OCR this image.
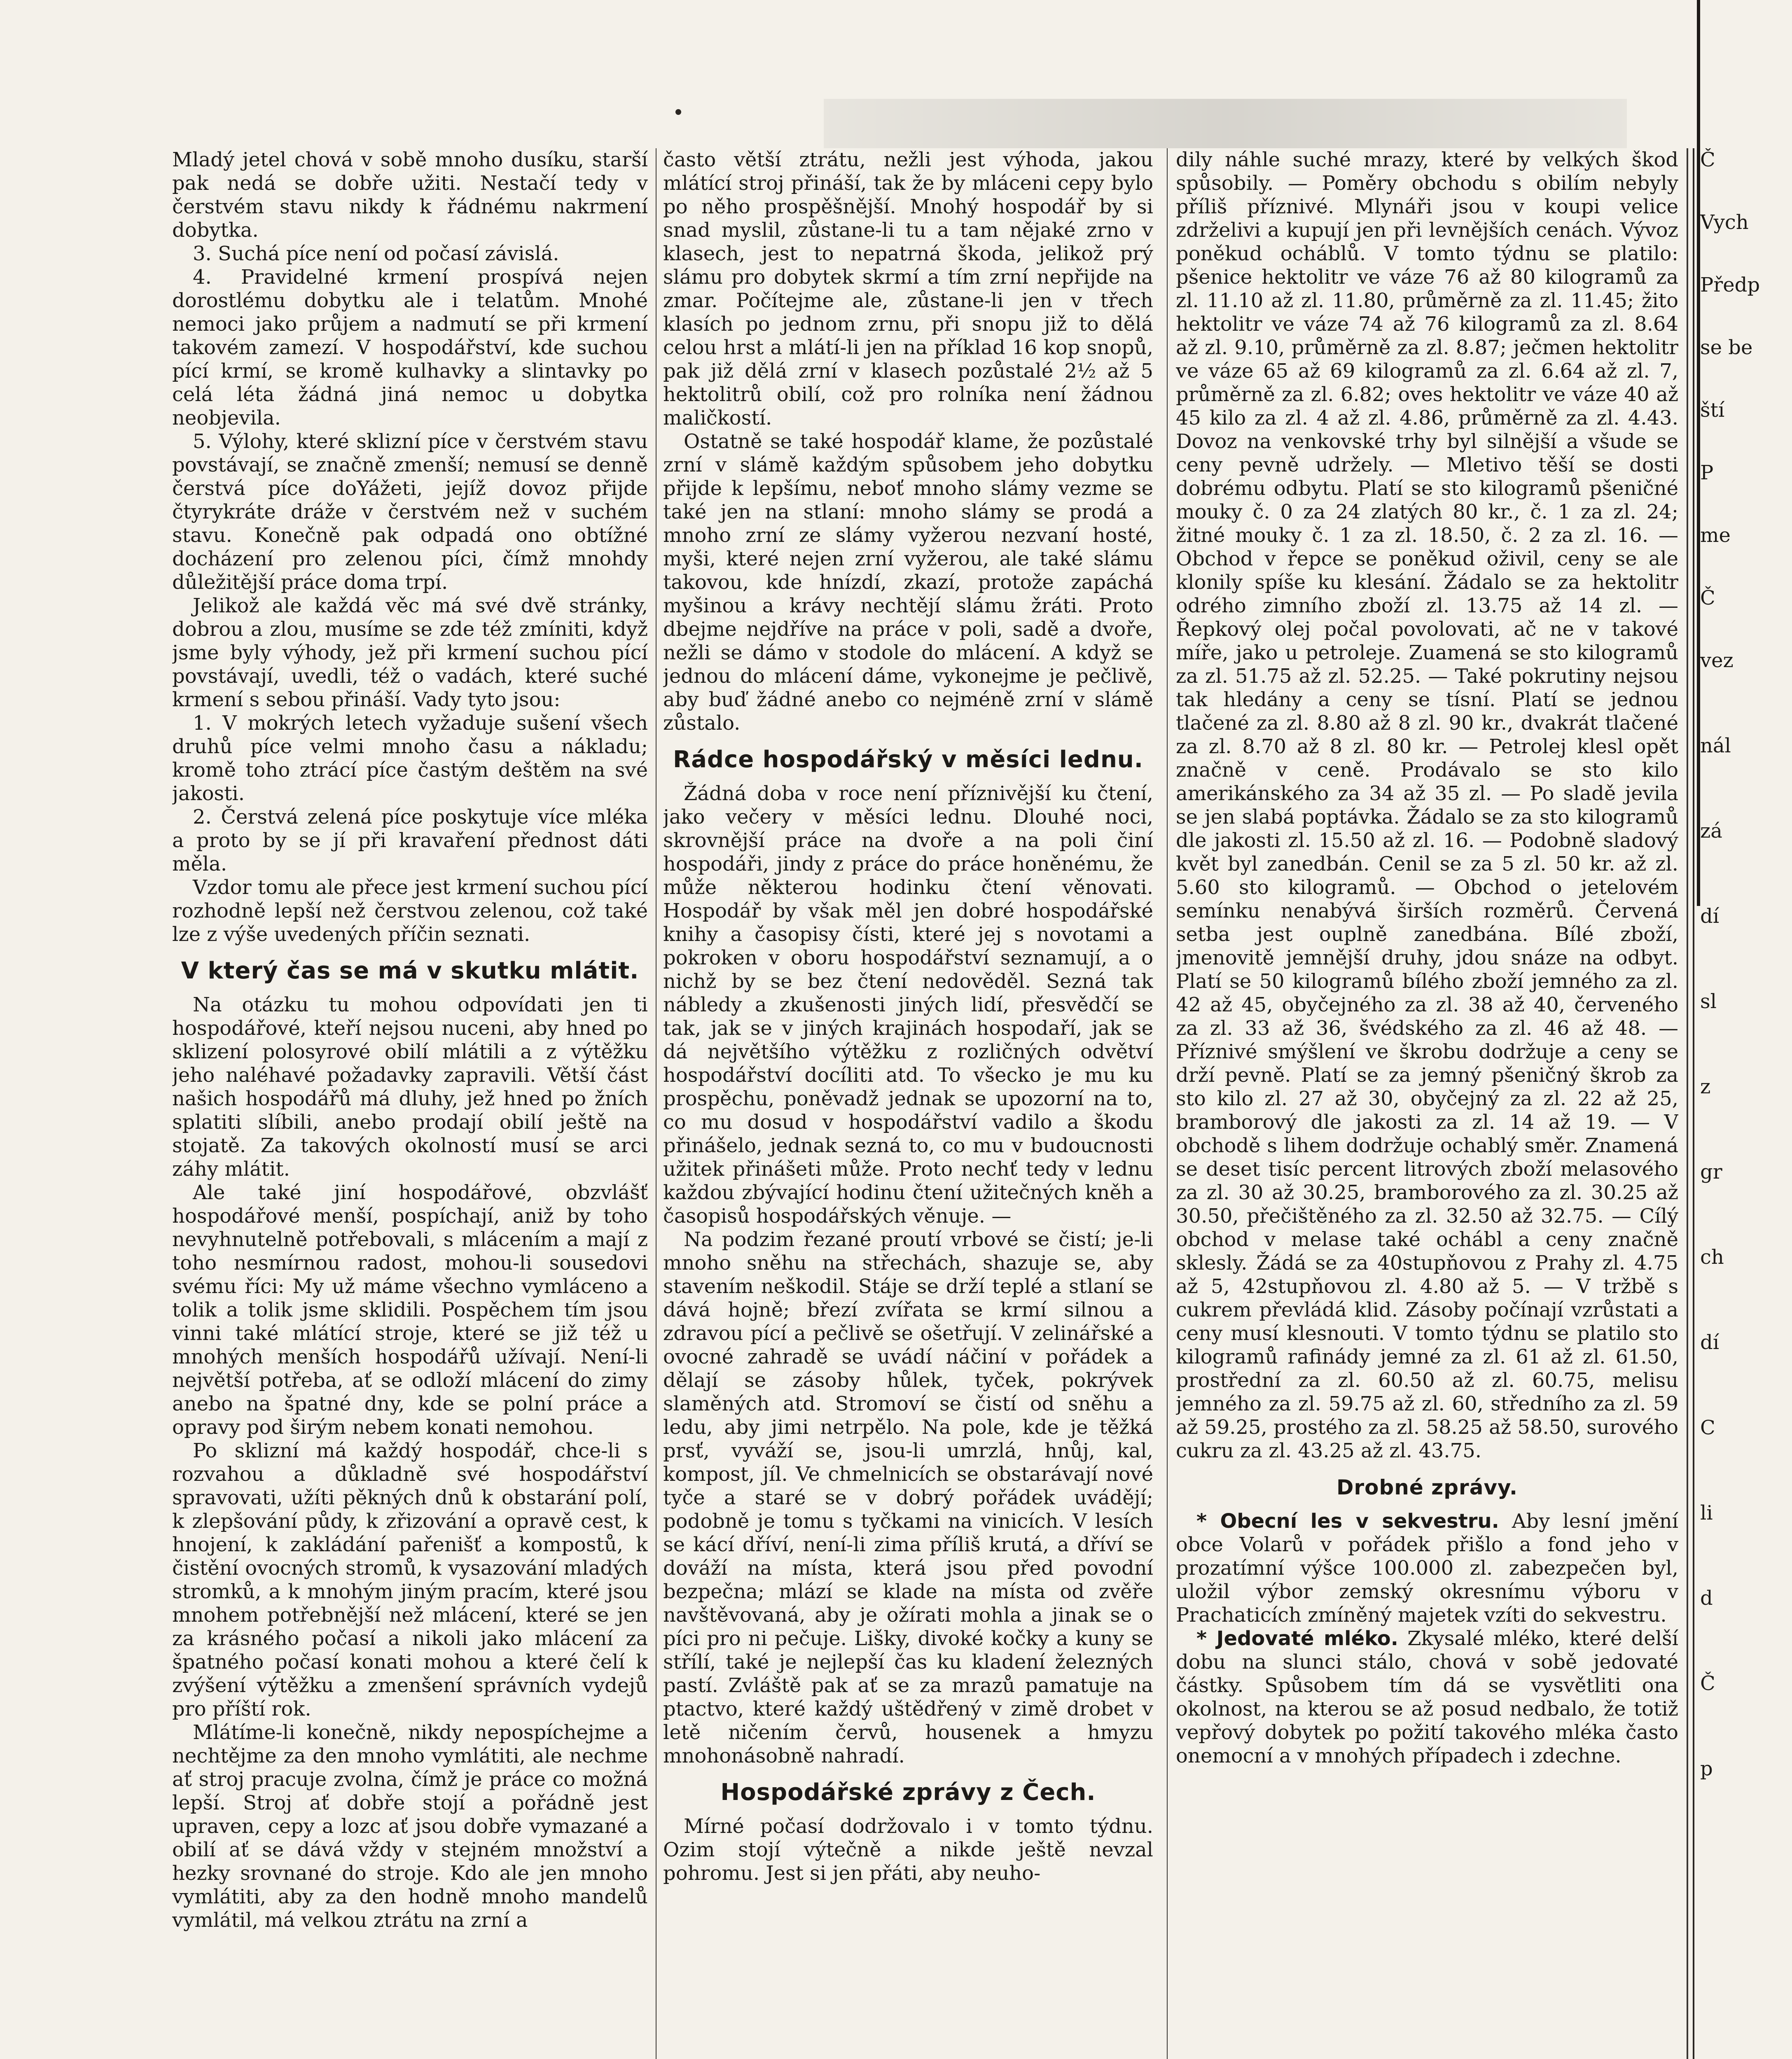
Mladý jetel chová v sobě mnoho dusíku, starší pak nedá se dobře užiti. Nestačí tedy v čerstvém stavu nikdy k řádnému nakrmení dobytka.

3. Suchá píce není od počasí závislá.

4. Pravidelné krmení prospívá nejen dorostlému dobytku ale i telatům. Mnohé nemoci jako průjem a nadmutí se při krmení takovém zamezí. V hospodářství, kde suchou pící krmí, se kromě kulhavky a slintavky po celá léta žádná jiná nemoc u dobytka neobjevila.

5. Výlohy, které sklizní píce v čerstvém stavu povstávají, se značně zmenší; nemusí se denně čerstvá píce doYážeti, jejíž dovoz přijde čtyrykráte dráže v čerstvém než v suchém stavu. Konečně pak odpadá ono obtížné docházení pro zelenou píci, čímž mnohdy důležitější práce doma trpí.

Jelikož ale každá věc má své dvě stránky, dobrou a zlou, musíme se zde též zmíniti, když jsme byly výhody, jež při krmení suchou pící povstávají, uvedli, též o vadách, které suché krmení s sebou přináší. Vady tyto jsou:

1. V mokrých letech vyžaduje sušení všech druhů píce velmi mnoho času a nákladu; kromě toho ztrácí píce častým deštěm na své jakosti.

2. Čerstvá zelená píce poskytuje více mléka a proto by se jí při kravaření přednost dáti měla.

Vzdor tomu ale přece jest krmení suchou pící rozhodně lepší než čerstvou zelenou, což také lze z výše uvedených příčin seznati.

V který čas se má v skutku mlátit.

Na otázku tu mohou odpovídati jen ti hospodářové, kteří nejsou nuceni, aby hned po sklizení polosyrové obilí mlátili a z výtěžku jeho naléhavé požadavky zapravili. Větší část našich hospodářů má dluhy, jež hned po žních splatiti slíbili, anebo prodají obilí ještě na stojatě. Za takových okolností musí se arci záhy mlátit.

Ale také jiní hospodářové, obzvlášť hospodářové menší, pospíchají, aniž by toho nevyhnutelně potřebovali, s mlácením a mají z toho nesmírnou radost, mohou-li sousedovi svému říci: My už máme všechno vymláceno a tolik a tolik jsme sklidili. Pospěchem tím jsou vinni také mlátící stroje, které se již též u mnohých menších hospodářů užívají. Není-li největší potřeba, ať se odloží mlácení do zimy anebo na špatné dny, kde se polní práce a opravy pod širým nebem konati nemohou.

Po sklizní má každý hospodář, chce-li s rozvahou a důkladně své hospodářství spravovati, užíti pěkných dnů k obstarání polí, k zlepšování půdy, k zřizování a opravě cest, k hnojení, k zakládání pařenišť a kompostů, k čistění ovocných stromů, k vysazování mladých stromků, a k mnohým jiným pracím, které jsou mnohem potřebnější než mlácení, které se jen za krásného počasí a nikoli jako mlácení za špatného počasí konati mohou a které čelí k zvýšení výtěžku a zmenšení správních vydejů pro příští rok.

Mlátíme-li konečně, nikdy nepospíchejme a nechtějme za den mnoho vymlátiti, ale nechme ať stroj pracuje zvolna, čímž je práce co možná lepší. Stroj ať dobře stojí a pořádně jest upraven, cepy a lozc ať jsou dobře vymazané a obilí ať se dává vždy v stejném množství a hezky srovnané do stroje. Kdo ale jen mnoho vymlátiti, aby za den hodně mnoho mandelů vymlátil, má velkou ztrátu na zrní a

často větší ztrátu, nežli jest výhoda, jakou mlátící stroj přináší, tak že by mláceni cepy bylo po něho prospěšnější. Mnohý hospodář by si snad myslil, zůstane-li tu a tam nějaké zrno v klasech, jest to nepatrná škoda, jelikož prý slámu pro dobytek skrmí a tím zrní nepřijde na zmar. Počítejme ale, zůstane-li jen v třech klasích po jednom zrnu, při snopu již to dělá celou hrst a mlátí-li jen na příklad 16 kop snopů, pak již dělá zrní v klasech pozůstalé 2½ až 5 hektolitrů obilí, což pro rolníka není žádnou maličkostí.

Ostatně se také hospodář klame, že pozůstalé zrní v slámě každým spůsobem jeho dobytku přijde k lepšímu, neboť mnoho slámy vezme se také jen na stlaní: mnoho slámy se prodá a mnoho zrní ze slámy vyžerou nezvaní hosté, myši, které nejen zrní vyžerou, ale také slámu takovou, kde hnízdí, zkazí, protože zapáchá myšinou a krávy nechtějí slámu žráti. Proto dbejme nejdříve na práce v poli, sadě a dvoře, nežli se dámo v stodole do mlácení. A když se jednou do mlácení dáme, vykonejme je pečlivě, aby buď žádné anebo co nejméně zrní v slámě zůstalo.

Rádce hospodářský v měsíci lednu.

Žádná doba v roce není příznivější ku čtení, jako večery v měsíci lednu. Dlouhé noci, skrovnější práce na dvoře a na poli činí hospodáři, jindy z práce do práce honěnému, že může některou hodinku čtení věnovati. Hospodář by však měl jen dobré hospodářské knihy a časopisy čísti, které jej s novotami a pokroken v oboru hospodářství seznamují, a o nichž by se bez čtení nedověděl. Sezná tak nábledy a zkušenosti jiných lidí, přesvědčí se tak, jak se v jiných krajinách hospodaří, jak se dá největšího výtěžku z rozličných odvětví hospodářství docíliti atd. To všecko je mu ku prospěchu, poněvadž jednak se upozorní na to, co mu dosud v hospodářství vadilo a škodu přinášelo, jednak sezná to, co mu v budoucnosti užitek přinášeti může. Proto nechť tedy v lednu každou zbývající hodinu čtení užitečných kněh a časopisů hospodářských věnuje. —

Na podzim řezané proutí vrbové se čistí; je-li mnoho sněhu na střechách, shazuje se, aby stavením neškodil. Stáje se drží teplé a stlaní se dává hojně; březí zvířata se krmí silnou a zdravou pící a pečlivě se ošetřují. V zelinářské a ovocné zahradě se uvádí náčiní v pořádek a dělají se zásoby hůlek, tyček, pokrývek slaměných atd. Stromoví se čistí od sněhu a ledu, aby jimi netrpělo. Na pole, kde je těžká prsť, vyváží se, jsou-li umrzlá, hnůj, kal, kompost, jíl. Ve chmelnicích se obstarávají nové tyče a staré se v dobrý pořádek uvádějí; podobně je tomu s tyčkami na vinicích. V lesích se kácí dříví, není-li zima příliš krutá, a dříví se dováží na místa, která jsou před povodní bezpečna; mlází se klade na místa od zvěře navštěvovaná, aby je ožírati mohla a jinak se o píci pro ni pečuje. Lišky, divoké kočky a kuny se střílí, také je nejlepší čas ku kladení železných pastí. Zvláště pak ať se za mrazů pamatuje na ptactvo, které každý uštědřený v zimě drobet v letě ničením červů, housenek a hmyzu mnohonásobně nahradí.

Hospodářské zprávy z Čech.

Mírné počasí dodržovalo i v tomto týdnu. Ozim stojí výtečně a nikde ještě nevzal pohromu. Jest si jen přáti, aby neuho-

dily náhle suché mrazy, které by velkých škod spůsobily. — Poměry obchodu s obilím nebyly příliš příznivé. Mlynáři jsou v koupi velice zdrželivi a kupují jen při levnějších cenách. Vývoz poněkud ocháblů. V tomto týdnu se platilo: pšenice hektolitr ve váze 76 až 80 kilogramů za zl. 11.10 až zl. 11.80, průměrně za zl. 11.45; žito hektolitr ve váze 74 až 76 kilogramů za zl. 8.64 až zl. 9.10, průměrně za zl. 8.87; ječmen hektolitr ve váze 65 až 69 kilogramů za zl. 6.64 až zl. 7, průměrně za zl. 6.82; oves hektolitr ve váze 40 až 45 kilo za zl. 4 až zl. 4.86, průměrně za zl. 4.43. Dovoz na venkovské trhy byl silnější a všude se ceny pevně udržely. — Mletivo těší se dosti dobrému odbytu. Platí se sto kilogramů pšeničné mouky č. 0 za 24 zlatých 80 kr., č. 1 za zl. 24; žitné mouky č. 1 za zl. 18.50, č. 2 za zl. 16. — Obchod v řepce se poněkud oživil, ceny se ale klonily spíše ku klesání. Žádalo se za hektolitr odrého zimního zboží zl. 13.75 až 14 zl. — Řepkový olej počal povolovati, ač ne v takové míře, jako u petroleje. Zuamená se sto kilogramů za zl. 51.75 až zl. 52.25. — Také pokrutiny nejsou tak hledány a ceny se tísní. Platí se jednou tlačené za zl. 8.80 až 8 zl. 90 kr., dvakrát tlačené za zl. 8.70 až 8 zl. 80 kr. — Petrolej klesl opět značně v ceně. Prodávalo se sto kilo amerikánského za 34 až 35 zl. — Po sladě jevila se jen slabá poptávka. Žádalo se za sto kilogramů dle jakosti zl. 15.50 až zl. 16. — Podobně sladový květ byl zanedbán. Cenil se za 5 zl. 50 kr. až zl. 5.60 sto kilogramů. — Obchod o jetelovém semínku nenabývá širších rozměrů. Červená setba jest ouplně zanedbána. Bílé zboží, jmenovitě jemnější druhy, jdou snáze na odbyt. Platí se 50 kilogramů bílého zboží jemného za zl. 42 až 45, obyčejného za zl. 38 až 40, červeného za zl. 33 až 36, švédského za zl. 46 až 48. — Příznivé smýšlení ve škrobu dodržuje a ceny se drží pevně. Platí se za jemný pšeničný škrob za sto kilo zl. 27 až 30, obyčejný za zl. 22 až 25, bramborový dle jakosti za zl. 14 až 19. — V obchodě s lihem dodržuje ochablý směr. Znamená se deset tisíc percent litrových zboží melasového za zl. 30 až 30.25, bramborového za zl. 30.25 až 30.50, přečištěného za zl. 32.50 až 32.75. — Cílý obchod v melase také ochábl a ceny značně sklesly. Žádá se za 40stupňovou z Prahy zl. 4.75 až 5, 42stupňovou zl. 4.80 až 5. — V tržbě s cukrem převládá klid. Zásoby počínají vzrůstati a ceny musí klesnouti. V tomto týdnu se platilo sto kilogramů rafinády jemné za zl. 61 až zl. 61.50, prostřední za zl. 60.50 až zl. 60.75, melisu jemného za zl. 59.75 až zl. 60, středního za zl. 59 až 59.25, prostého za zl. 58.25 až 58.50, surového cukru za zl. 43.25 až zl. 43.75.

Drobné zprávy.

* Obecní les v sekvestru. Aby lesní jmění obce Volarů v pořádek přišlo a fond jeho v prozatímní výšce 100.000 zl. zabezpečen byl, uložil výbor zemský okresnímu výboru v Prachaticích zmíněný majetek vzíti do sekvestru.

* Jedovaté mléko. Zkysalé mléko, které delší dobu na slunci stálo, chová v sobě jedovaté částky. Spůsobem tím dá se vysvětliti ona okolnost, na kterou se až posud nedbalo, že totiž vepřový dobytek po požití takového mléka často onemocní a v mnohých případech i zdechne.

Č
Vych
Předp
se be
ští
P
me
Č
vez
nál
zá
dí
sl
z
gr
ch
dí
C
li
d
Č
p
